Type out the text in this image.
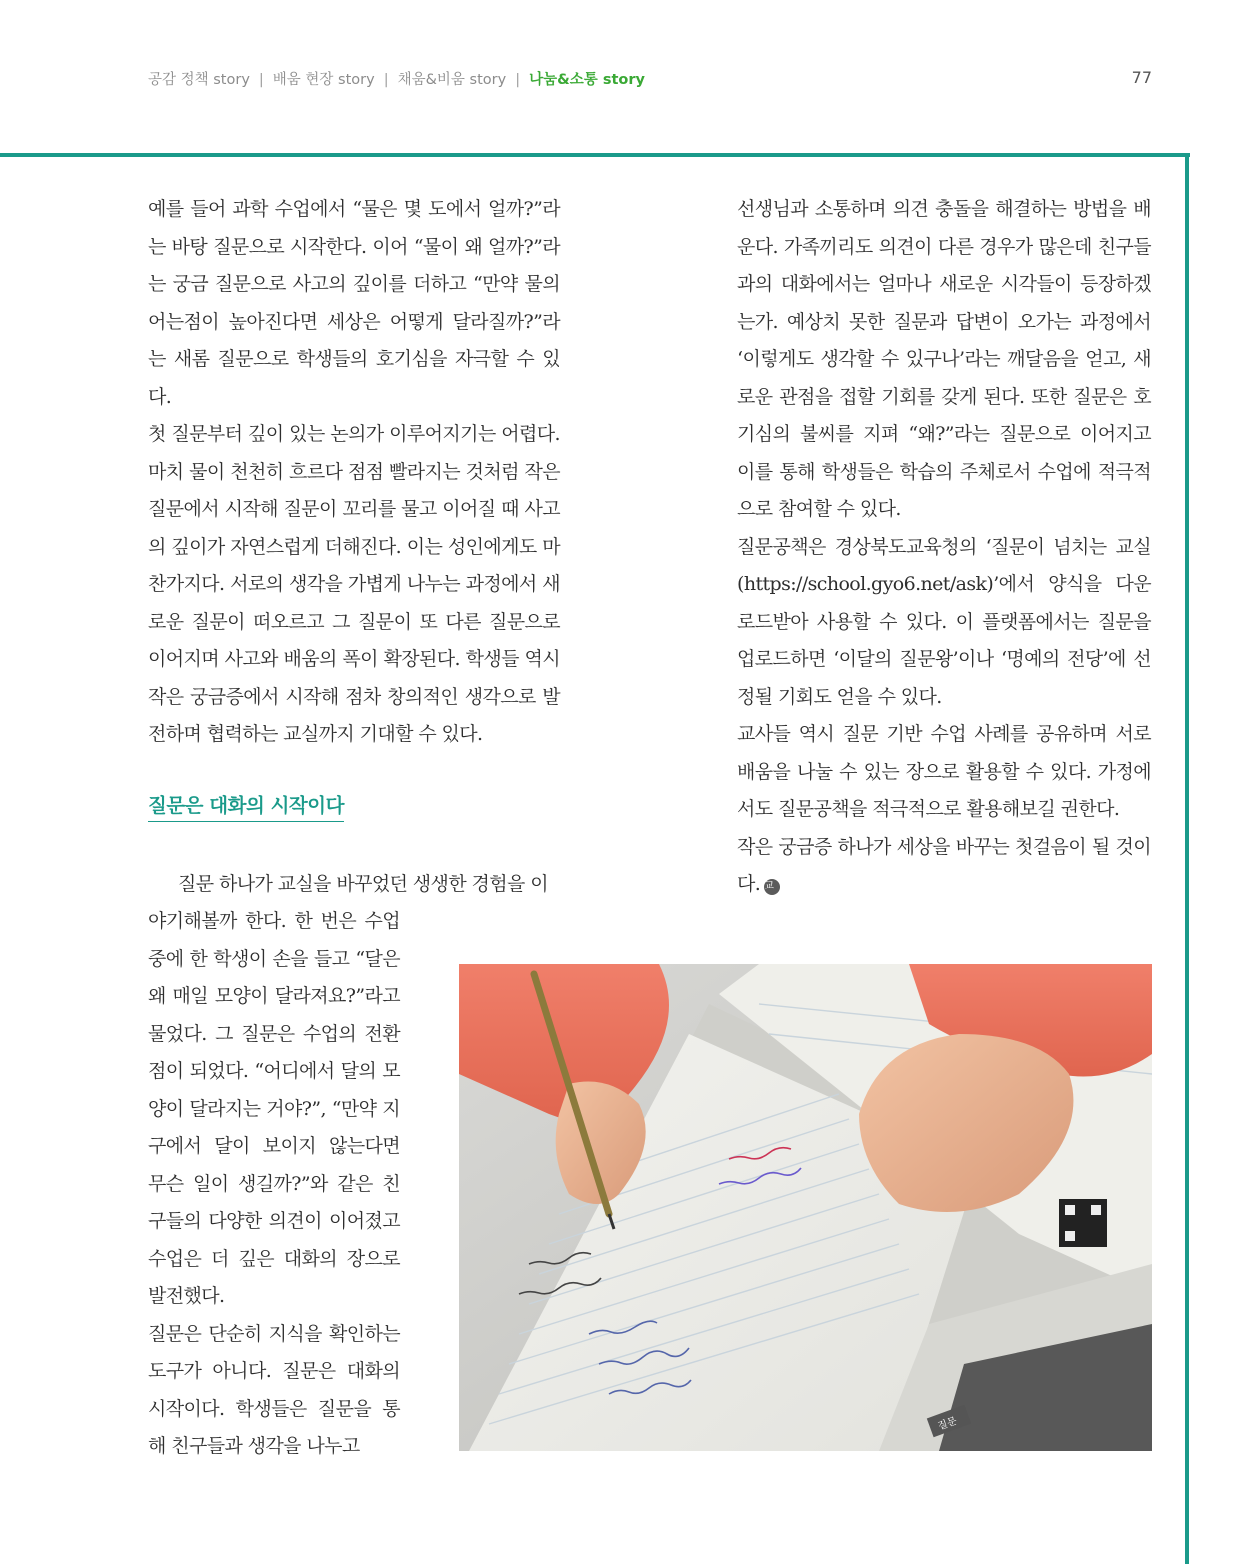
공감 정책 story | 배움 현장 story | 채움&비움 story | 나눔&소통 story	77

예를 들어 과학 수업에서 “물은 몇 도에서 얼까?”라는 바탕 질문으로 시작한다. 이어 “물이 왜 얼까?”라는 궁금 질문으로 사고의 깊이를 더하고 “만약 물의 어는점이 높아진다면 세상은 어떻게 달라질까?”라는 새롬 질문으로 학생들의 호기심을 자극할 수 있다.

첫 질문부터 깊이 있는 논의가 이루어지기는 어렵다. 마치 물이 천천히 흐르다 점점 빨라지는 것처럼 작은 질문에서 시작해 질문이 꼬리를 물고 이어질 때 사고의 깊이가 자연스럽게 더해진다. 이는 성인에게도 마찬가지다. 서로의 생각을 가볍게 나누는 과정에서 새로운 질문이 떠오르고 그 질문이 또 다른 질문으로 이어지며 사고와 배움의 폭이 확장된다. 학생들 역시 작은 궁금증에서 시작해 점차 창의적인 생각으로 발전하며 협력하는 교실까지 기대할 수 있다.

질문은 대화의 시작이다

질문 하나가 교실을 바꾸었던 생생한 경험을 이

야기해볼까 한다. 한 번은 수업 중에 한 학생이 손을 들고 “달은 왜 매일 모양이 달라져요?”라고 물었다. 그 질문은 수업의 전환점이 되었다. “어디에서 달의 모양이 달라지는 거야?”, “만약 지구에서 달이 보이지 않는다면 무슨 일이 생길까?”와 같은 친구들의 다양한 의견이 이어졌고 수업은 더 깊은 대화의 장으로 발전했다.

질문은 단순히 지식을 확인하는 도구가 아니다. 질문은 대화의 시작이다. 학생들은 질문을 통해 친구들과 생각을 나누고

선생님과 소통하며 의견 충돌을 해결하는 방법을 배운다. 가족끼리도 의견이 다른 경우가 많은데 친구들과의 대화에서는 얼마나 새로운 시각들이 등장하겠는가. 예상치 못한 질문과 답변이 오가는 과정에서 ‘이렇게도 생각할 수 있구나’라는 깨달음을 얻고, 새로운 관점을 접할 기회를 갖게 된다. 또한 질문은 호기심의 불씨를 지펴 “왜?”라는 질문으로 이어지고 이를 통해 학생들은 학습의 주체로서 수업에 적극적으로 참여할 수 있다.

질문공책은 경상북도교육청의 ‘질문이 넘치는 교실(https://school.gyo6.net/ask)’에서 양식을 다운로드받아 사용할 수 있다. 이 플랫폼에서는 질문을 업로드하면 ‘이달의 질문왕’이나 ‘명예의 전당’에 선정될 기회도 얻을 수 있다.

교사들 역시 질문 기반 수업 사례를 공유하며 서로 배움을 나눌 수 있는 장으로 활용할 수 있다. 가정에서도 질문공책을 적극적으로 활용해보길 권한다.

작은 궁금증 하나가 세상을 바꾸는 첫걸음이 될 것이다. 교

질문
